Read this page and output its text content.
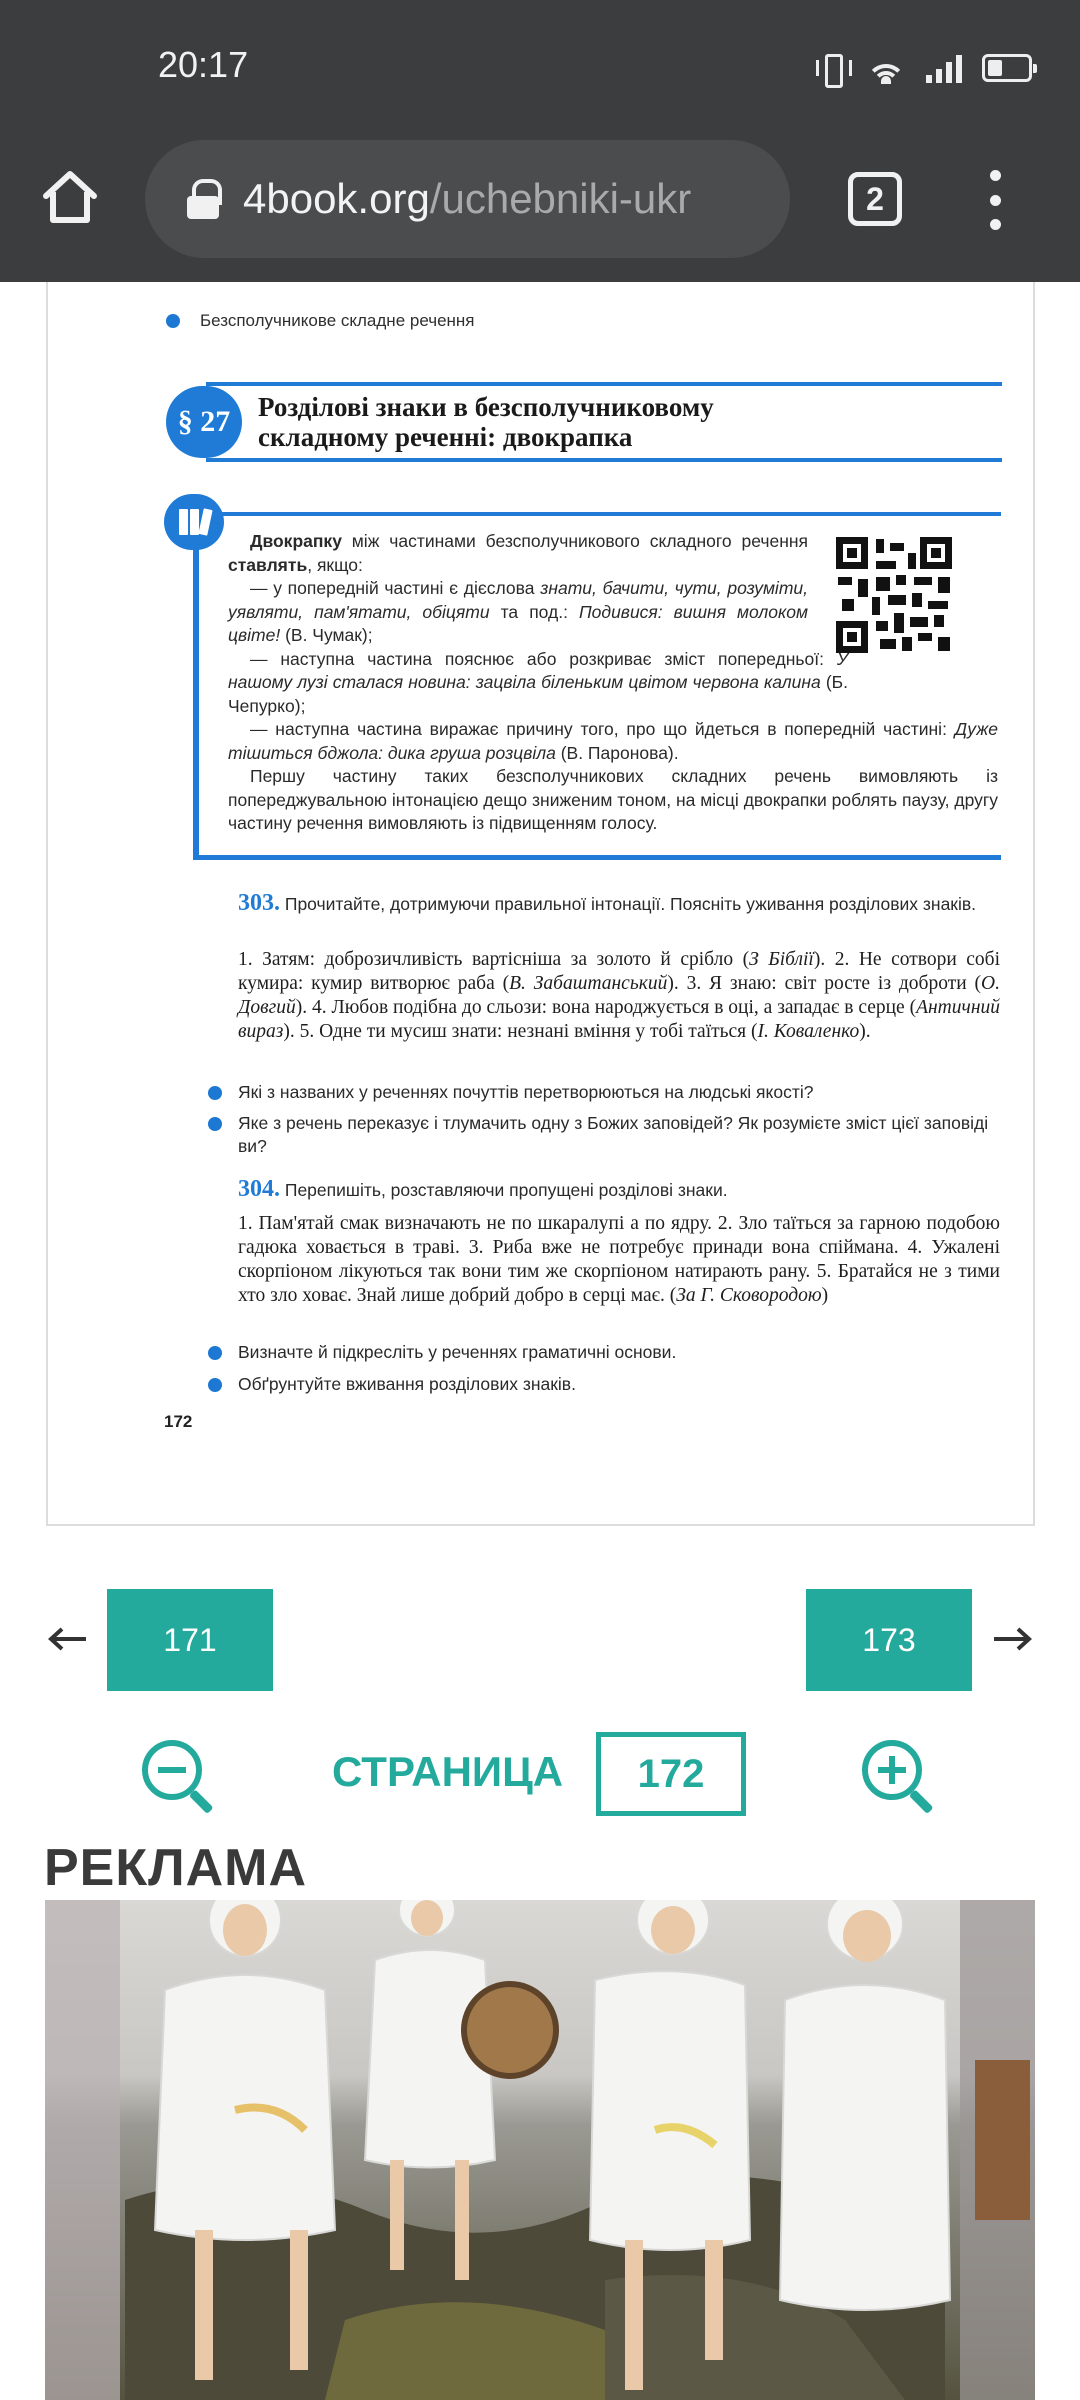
20:17
4book.org/uchebniki-ukr	2
Безсполучникове складне речення
§ 27	Розділові знаки в безсполучниковому
складному реченні: двокрапка

Двокрапку між частинами безсполучникового складного речення ставлять, якщо:

— у попередній частині є дієслова знати, бачити, чути, розуміти, уявляти, пам'ятати, обіцяти та под.: Подивися: вишня молоком цвіте! (В. Чумак);

— наступна частина пояснює або розкриває зміст попередньої: У нашому лузі сталася новина: зацвіла біленьким цвітом червона калина (Б. Чепурко);

— наступна частина виражає причину того, про що йдеться в попередній частині: Дуже тішиться бджола: дика груша розцвіла (В. Паронова).

Першу частину таких безсполучникових складних речень вимовляють із попереджувальною інтонацією дещо зниженим тоном, на місці двокрапки роблять паузу, другу частину речення вимовляють із підвищенням голосу.

303. Прочитайте, дотримуючи правильної інтонації. Поясніть уживання розділових знаків.
1. Затям: доброзичливість вартісніша за золото й срібло (З Біблії). 2. Не сотвори собі кумира: кумир витворює раба (В. Забаштанський). 3. Я знаю: світ росте із доброти (О. Довгий). 4. Любов подібна до сльози: вона народжується в оці, а западає в серце (Античний вираз). 5. Одне ти мусиш знати: незнані вміння у тобі таїться (І. Коваленко).
Які з названих у реченнях почуттів перетворюються на людські якості?
Яке з речень переказує і тлумачить одну з Божих заповідей? Як розумієте зміст цієї заповіді ви?
304. Перепишіть, розставляючи пропущені розділові знаки.
1. Пам'ятай смак визначають не по шкаралупі а по ядру. 2. Зло таїться за гарною подобою гадюка ховається в траві. 3. Риба вже не потребує принади вона спіймана. 4. Ужалені скорпіоном лікуються так вони тим же скорпіоном натирають рану. 5. Братайся не з тими хто зло ховає. Знай лише добрий добро в серці має. (За Г. Сковородою)
Визначте й підкресліть у реченнях граматичні основи.
Обґрунтуйте вживання розділових знаків.
172
171	173
СТРАНИЦА	172
РЕКЛАМА
